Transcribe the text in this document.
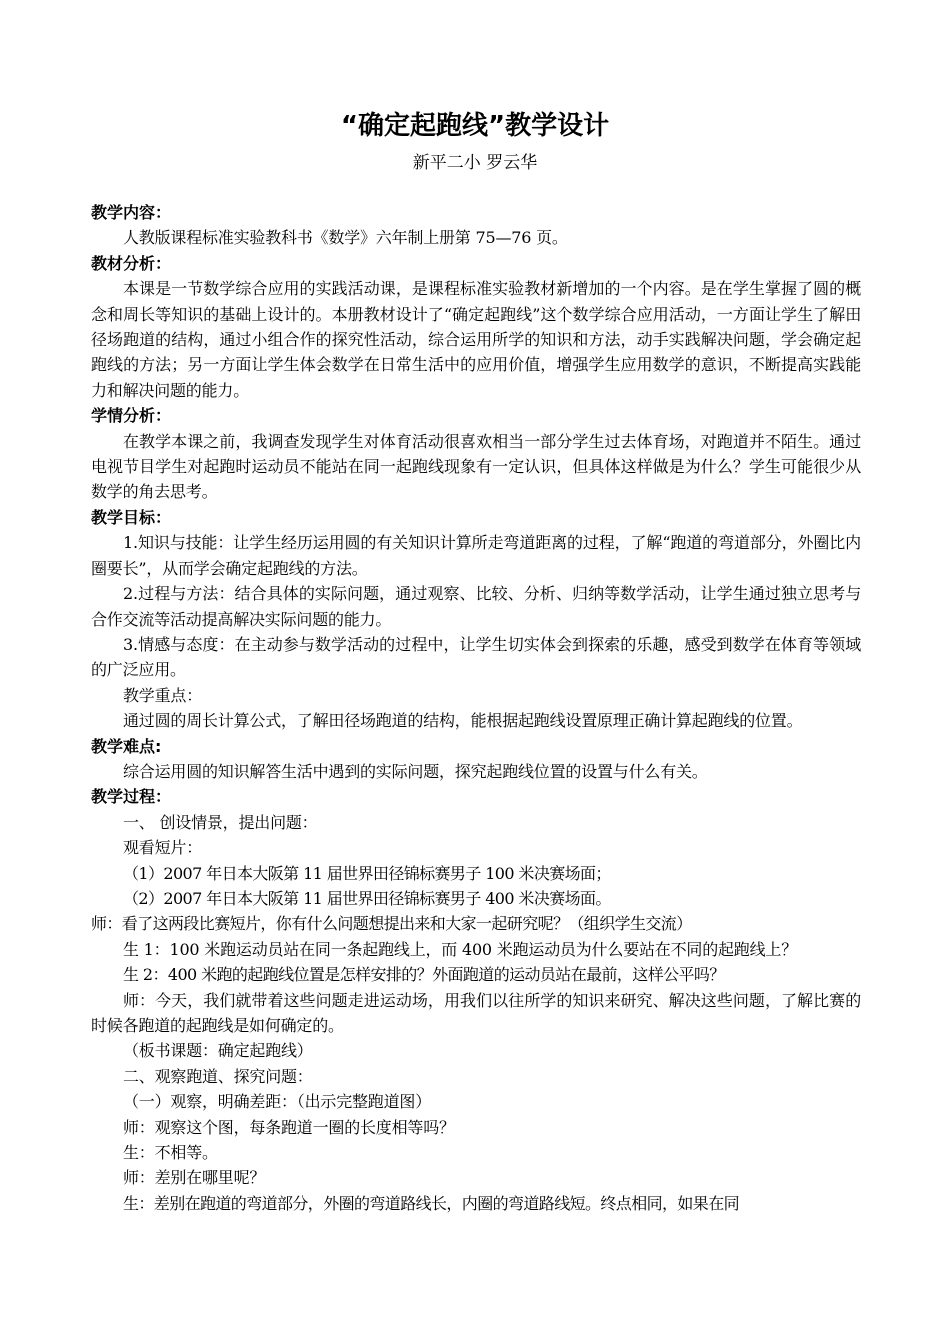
“确定起跑线”教学设计
新平二小 罗云华
教学内容：

人教版课程标准实验教科书《数学》六年制上册第 75—76 页。

教材分析：

本课是一节数学综合应用的实践活动课，是课程标准实验教材新增加的一个内容。是在学生掌握了圆的概念和周长等知识的基础上设计的。本册教材设计了“确定起跑线”这个数学综合应用活动，一方面让学生了解田径场跑道的结构，通过小组合作的探究性活动，综合运用所学的知识和方法，动手实践解决问题，学会确定起跑线的方法；另一方面让学生体会数学在日常生活中的应用价值，增强学生应用数学的意识，不断提高实践能力和解决问题的能力。

学情分析：

在教学本课之前，我调查发现学生对体育活动很喜欢相当一部分学生过去体育场，对跑道并不陌生。通过电视节目学生对起跑时运动员不能站在同一起跑线现象有一定认识，但具体这样做是为什么？学生可能很少从数学的角去思考。

教学目标：

1.知识与技能：让学生经历运用圆的有关知识计算所走弯道距离的过程，了解“跑道的弯道部分，外圈比内圈要长”，从而学会确定起跑线的方法。

2.过程与方法：结合具体的实际问题，通过观察、比较、分析、归纳等数学活动，让学生通过独立思考与合作交流等活动提高解决实际问题的能力。

3.情感与态度：在主动参与数学活动的过程中，让学生切实体会到探索的乐趣，感受到数学在体育等领域的广泛应用。

教学重点：

通过圆的周长计算公式，了解田径场跑道的结构，能根据起跑线设置原理正确计算起跑线的位置。

教学难点:

综合运用圆的知识解答生活中遇到的实际问题，探究起跑线位置的设置与什么有关。

教学过程：

一、 创设情景，提出问题：

观看短片：

（1）2007 年日本大阪第 11 届世界田径锦标赛男子 100 米决赛场面；

（2）2007 年日本大阪第 11 届世界田径锦标赛男子 400 米决赛场面。

师：看了这两段比赛短片，你有什么问题想提出来和大家一起研究呢？（组织学生交流）

生 1：100 米跑运动员站在同一条起跑线上，而 400 米跑运动员为什么要站在不同的起跑线上？

生 2：400 米跑的起跑线位置是怎样安排的？外面跑道的运动员站在最前，这样公平吗？

师：今天，我们就带着这些问题走进运动场，用我们以往所学的知识来研究、解决这些问题，了解比赛的时候各跑道的起跑线是如何确定的。

（板书课题：确定起跑线）

二、观察跑道、探究问题：

（一）观察，明确差距：（出示完整跑道图）

师：观察这个图，每条跑道一圈的长度相等吗？

生：不相等。

师：差别在哪里呢？

生：差别在跑道的弯道部分，外圈的弯道路线长，内圈的弯道路线短。终点相同，如果在同
